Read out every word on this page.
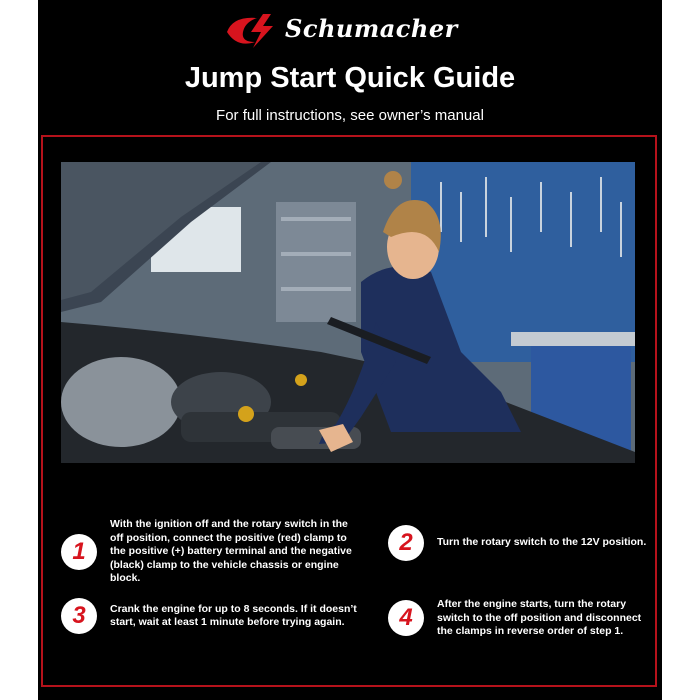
Schumacher
Jump Start Quick Guide
For full instructions, see owner’s manual
1
With the ignition off and the rotary switch in the off position, connect the positive (red) clamp to the positive (+) battery terminal and the negative (black) clamp to the vehicle chassis or engine block.
2	Turn the rotary switch to the 12V position.
3	Crank the engine for up to 8 seconds. If it doesn’t start, wait at least 1 minute before trying again.	4
After the engine starts, turn the rotary switch to the off position and disconnect the clamps in reverse order of step 1.
